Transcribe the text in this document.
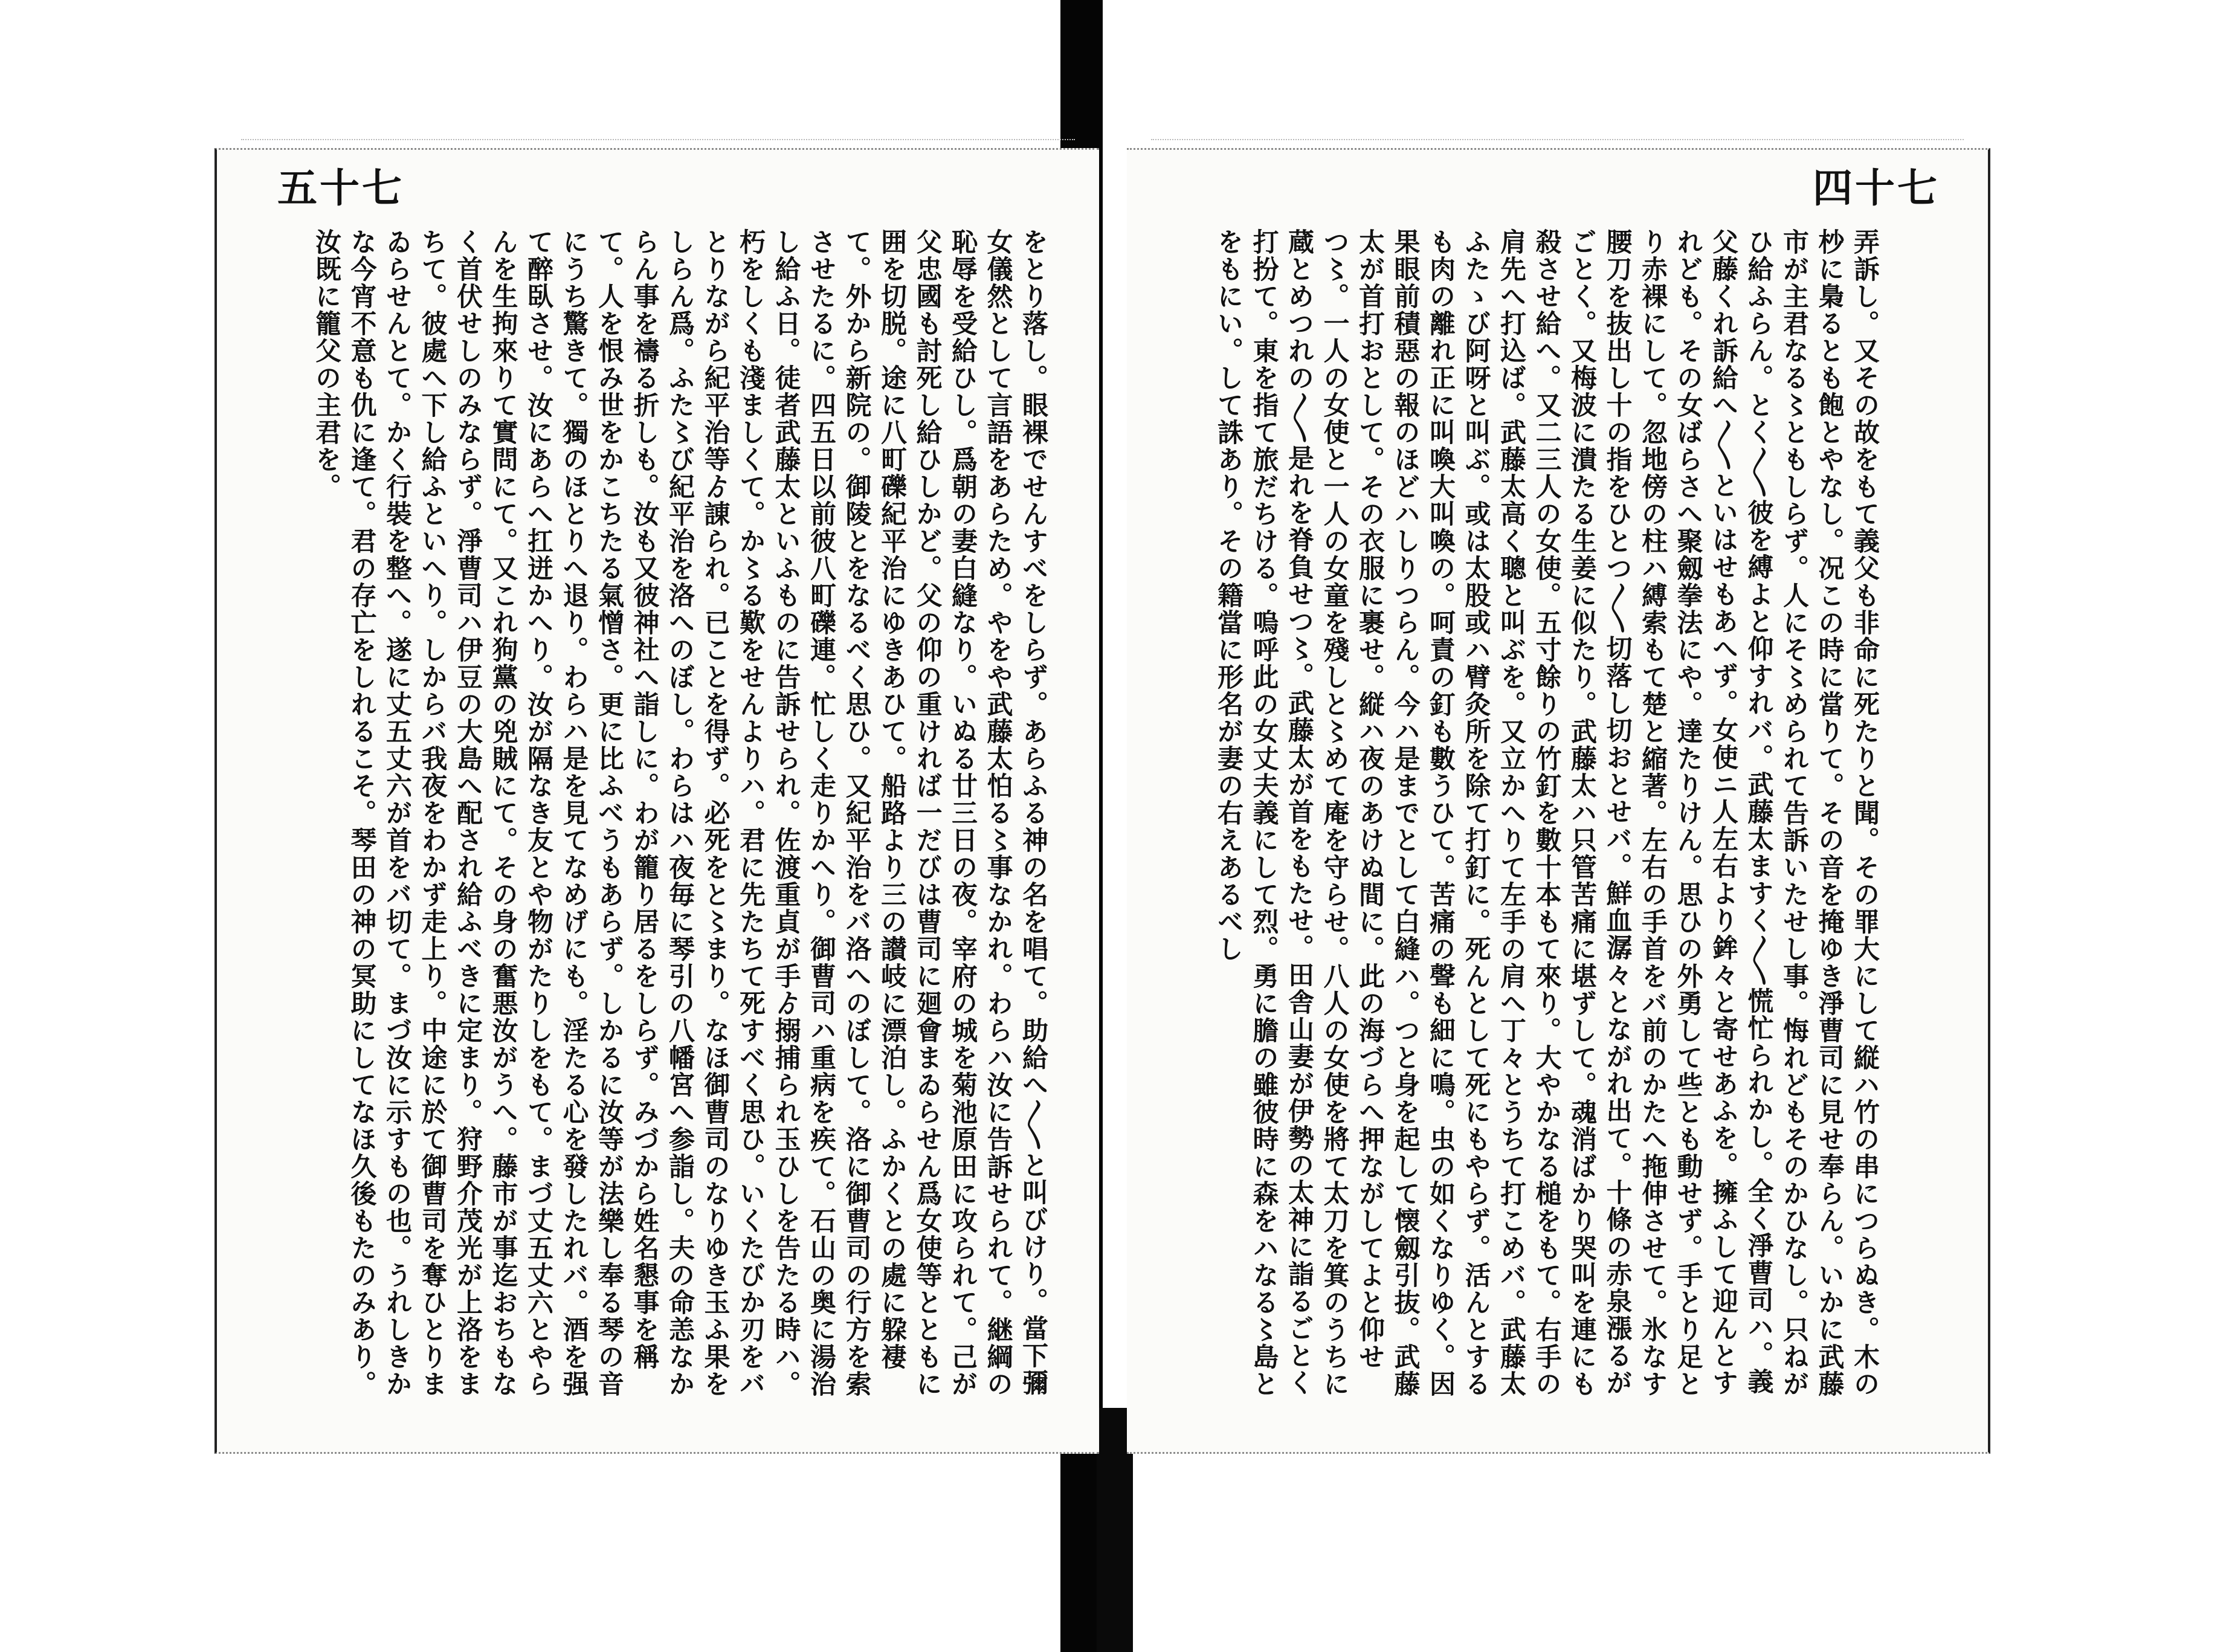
五十七
をとり落し。眼裸でせんすべをしらず。あらふる神の名を唱て。助給へ〳〵と叫びけり。當下彌女儀然として言語をあらため。やをや武藤太怕る〻事なかれ。わらハ汝に告訴せられて。継綱の恥辱を受給ひし。爲朝の妻白縫なり。いぬる廿三日の夜。宰府の城を菊池原田に攻られて。己が父忠國も討死し給ひしかど。父の仰の重ければ一だびは曹司に廻會まゐらせん爲女使等とともに囲を切脱。途に八町礫紀平治にゆきあひて。船路より三の讃岐に漂泊し。ふかくとの處に躱褄て。外から新院の。御陵とをなるべく思ひ。又紀平治をバ洛へのぼして。洛に御曹司の行方を索させたるに。四五日以前彼八町礫連。忙しく走りかへり。御曹司ハ重病を疾て。石山の奥に湯治し給ふ日。徒者武藤太といふものに告訴せられ。佐渡重貞が手ゟ搦捕られ玉ひしを告たる時ハ。朽をしくも淺ましくて。か〻る歎をせんよりハ。君に先たちて死すべく思ひ。いくたびか刃をバとりながら紀平治等ゟ諌られ。已ことを得ず。必死をと〻まり。なほ御曹司のなりゆき玉ふ果をしらん爲。ふた〻び紀平治を洛へのぼし。わらはハ夜毎に琴引の八幡宮へ参詣し。夫の命恙なからん事を禱る折しも。汝も又彼神社へ詣しに。わが籠り居るをしらず。みづから姓名懇事を稱て。人を恨み世をかこちたる氣憎さ。更に比ふべうもあらず。しかるに汝等が法樂し奉る琴の音にうち驚きて。獨のほとりへ退り。わらハ是を見てなめげにも。淫たる心を發したれバ。酒を强て醉臥させ。汝にあらへ扛迸かへり。汝が隔なき友とや物がたりしをもて。まづ丈五丈六とやらんを生拘來りて實問にて。又これ狗黨の兇賊にて。その身の奮悪汝がうへ。藤市が事迄おちもなく首伏せしのみならず。淨曹司ハ伊豆の大島へ配され給ふべきに定まり。狩野介茂光が上洛をまちて。彼處へ下し給ふといへり。しからバ我夜をわかず走上り。中途に於て御曹司を奪ひとりまゐらせんとて。かく行裝を整へ。遂に丈五丈六が首をバ切て。まづ汝に示すもの也。うれしきかな今宵不意も仇に逢て。君の存亡をしれるこそ。琴田の神の冥助にしてなほ久後もたのみあり。汝既に籠父の主君を。
四十七
弄訴し。又その故をもて義父も非命に死たりと聞。その罪大にして縦ハ竹の串につらぬき。木の杪に梟るとも飽とやなし。况この時に當りて。その音を掩ゆき淨曹司に見せ奉らん。いかに武藤市が主君なる〻ともしらず。人にそ〻められて告訴いたせし事。悔れどもそのかひなし。只ねがひ給ふらん。とく〳〵彼を縛よと仰すれバ。武藤太ますく〳〵慌忙られかし。全く淨曹司ハ。義父藤くれ訴給へ〳〵といはせもあへず。女使ニ人左右より鉾々と寄せあふを。擁ふして迎んとすれども。その女ばらさへ聚劔拳法にや。達たりけん。思ひの外勇して些とも動せず。手とり足とり赤裸にして。忽地傍の柱ハ縛索もて楚と縮著。左右の手首をバ前のかたへ拖伸させて。氷なす腰刀を抜出し十の指をひとつ〳〵切落し切おとせバ。鮮血潺々とながれ出て。十條の赤泉漲るがごとく。又梅波に潰たる生姜に似たり。武藤太ハ只管苦痛に堪ずして。魂消ばかり哭叫を連にも殺させ給へ。又二三人の女使。五寸餘りの竹釘を數十本もて來り。大やかなる槌をもて。右手の肩先へ打込ば。武藤太高く聰と叫ぶを。又立かへりて左手の肩へ丁々とうちて打こめバ。武藤太ふたゝび阿呀と叫ぶ。或は太股或ハ臂灸所を除て打釘に。死んとして死にもやらず。活んとするも肉の離れ正に叫喚大叫喚の。呵責の釘も數うひて。苦痛の聲も細に鳴。虫の如くなりゆく。因果眼前積惡の報のほどハしりつらん。今ハ是までとして白縫ハ。つと身を起して懐劔引抜。武藤太が首打おとして。その衣服に裹せ。縦ハ夜のあけぬ間に。此の海づらへ押ながしてよと仰せつ〻。一人の女使と一人の女童を殘しと〻めて庵を守らせ。八人の女使を將て太刀を箕のうちに蔵とめつれの〳〵是れを脊負せつ〻。武藤太が首をもたせ。田舎山妻が伊勢の太神に詣るごとく打扮て。東を指て旅だちける。嗚呼此の女丈夫義にして烈。勇に膽の雖彼時に森をハなる〻島とをもにい。して誅あり。その籍當に形名が妻の右えあるべし
